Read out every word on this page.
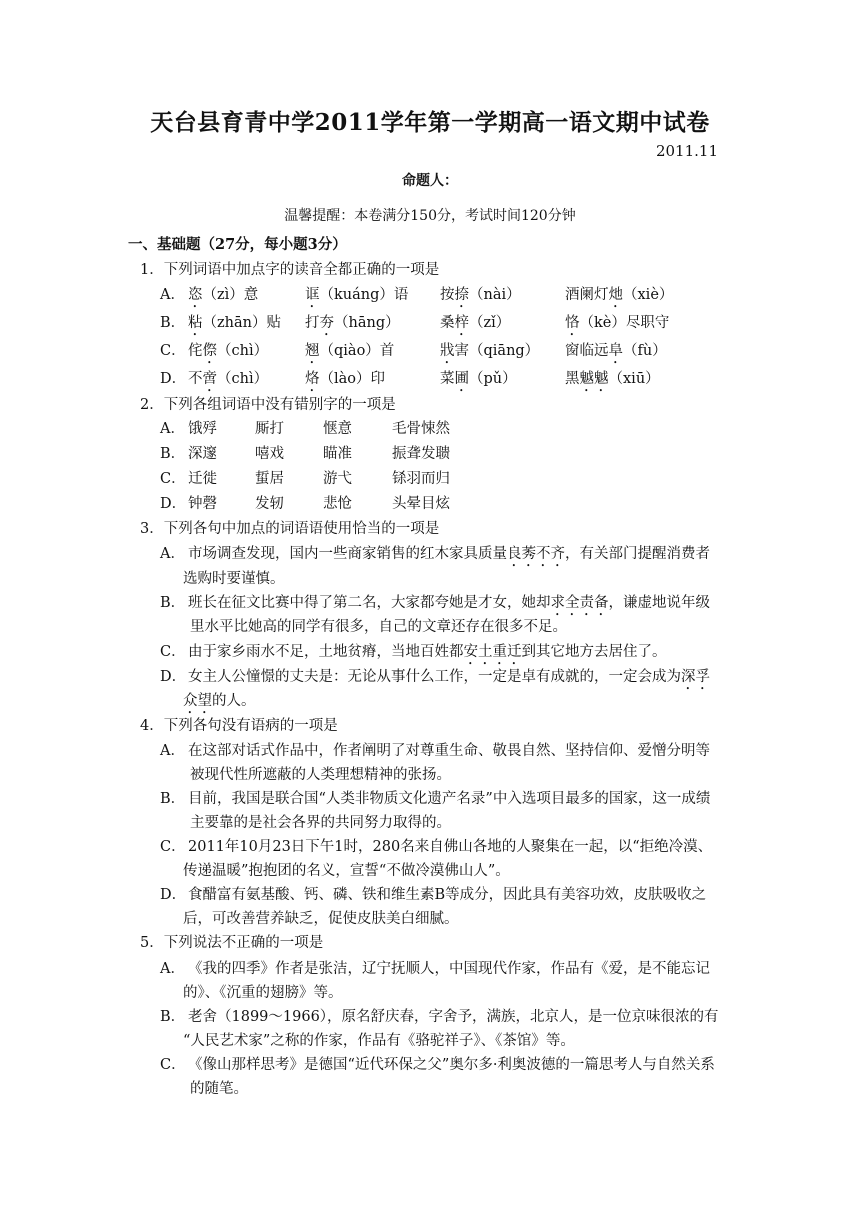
天台县育青中学2011学年第一学期高一语文期中试卷
2011.11
命题人：
温馨提醒：本卷满分150分，考试时间120分钟
一、基础题（27分，每小题3分）
1．下列词语中加点字的读音全都正确的一项是
A． 恣（zì）意	诓（kuáng）语 按捺（nài）	酒阑灯灺（xiè）
B． 粘（zhān）贴 打夯（hāng）	桑梓（zǐ）	恪（kè）尽职守
C． 侘傺（chì）	翘（qiào）首	戕害（qiāng） 窗临远阜（fù）
D． 不啻（chì）	烙（lào）印	菜圃（pǔ）	黑魆魆（xiū）
2．下列各组词语中没有错别字的一项是
A． 饿殍	厮打	惬意	毛骨悚然
B． 深邃	嘻戏	瞄准	振聋发聩
C． 迁徙	蜇居	游弋	铩羽而归
D． 钟磬	发轫	悲怆	头晕目炫
3．下列各句中加点的词语语使用恰当的一项是
A． 市场调查发现，国内一些商家销售的红木家具质量良莠不齐，有关部门提醒消费者
选购时要谨慎。
B． 班长在征文比赛中得了第二名，大家都夸她是才女，她却求全责备，谦虚地说年级
里水平比她高的同学有很多，自己的文章还存在很多不足。
C． 由于家乡雨水不足，土地贫瘠，当地百姓都安土重迁到其它地方去居住了。
D． 女主人公憧憬的丈夫是：无论从事什么工作，一定是卓有成就的，一定会成为深孚
众望的人。
4．下列各句没有语病的一项是
A． 在这部对话式作品中，作者阐明了对尊重生命、敬畏自然、坚持信仰、爱憎分明等
被现代性所遮蔽的人类理想精神的张扬。
B． 目前，我国是联合国“人类非物质文化遗产名录”中入选项目最多的国家，这一成绩
主要靠的是社会各界的共同努力取得的。
C． 2011年10月23日下午1时，280名来自佛山各地的人聚集在一起，以“拒绝冷漠、
传递温暖”抱抱团的名义，宣誓“不做冷漠佛山人”。
D． 食醋富有氨基酸、钙、磷、铁和维生素B等成分，因此具有美容功效，皮肤吸收之
后，可改善营养缺乏，促使皮肤美白细腻。
5．下列说法不正确的一项是
A． 《我的四季》作者是张洁，辽宁抚顺人，中国现代作家，作品有《爱，是不能忘记
的》、《沉重的翅膀》等。
B． 老舍（1899～1966），原名舒庆春，字舍予，满族，北京人，是一位京味很浓的有
“人民艺术家”之称的作家，作品有《骆驼祥子》、《茶馆》等。
C． 《像山那样思考》是德国“近代环保之父”奥尔多·利奥波德的一篇思考人与自然关系
的随笔。
